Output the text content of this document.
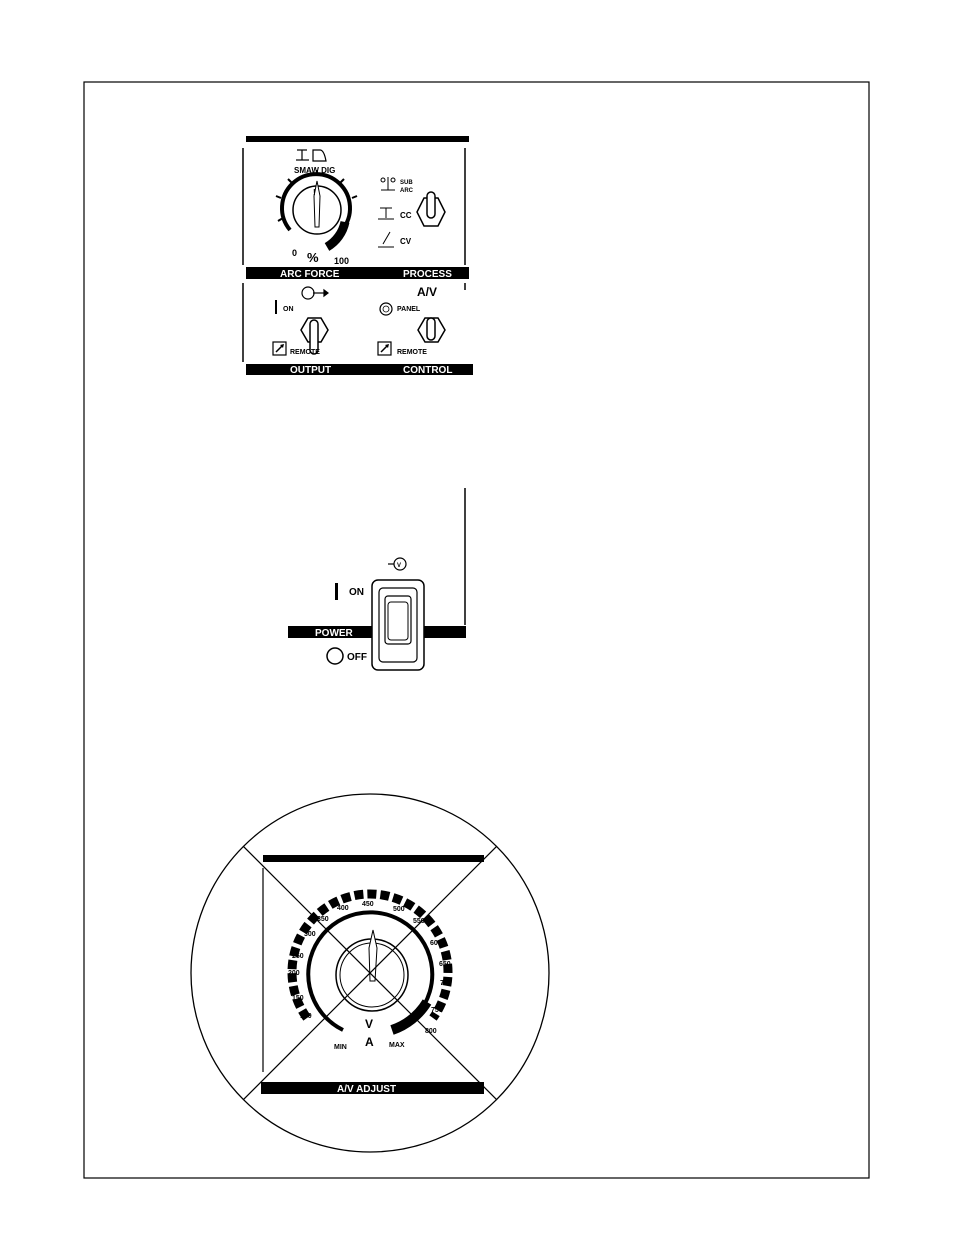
SMAW DIG
!
0 % 100
SUB
ARC
CC
CV
ARC FORCE	PROCESS
ON
REMOTE
A/V
PANEL
REMOTE
OUTPUT	CONTROL
V
ON
POWER
OFF
100
150
200
250
300
350
400
450
500
550
600
650
700
750
800
MIN	MAX
V
A
A/V ADJUST
